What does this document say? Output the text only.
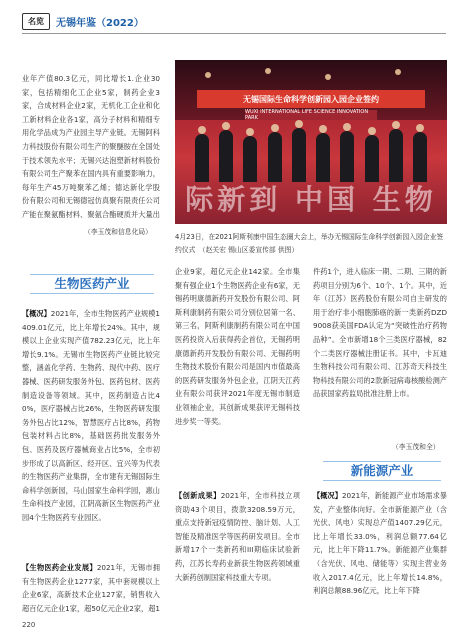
名览	无锡年鉴（2022）
业年产值80.3亿元，同比增长1.企业30家，包括精细化工企业5家，制药企业3家，合成材料企业2家，无机化工企业和化工新材料企业各1家，高分子材料和精细专用化学品成为产业园主导产业链。无锡阿科力科技股份有限公司生产的聚醚胺在全国处于技术领先水平；无锡兴达泡塑新材料股份有限公司生产聚苯在国内具有重要影响力，每年生产45万吨聚苯乙烯；德达新化学股份有限公司和无锡德冠仿真聚有限责任公司产能在聚氨酯材料、聚氨合酯硬质并大量出
（李玉茂和信息化局）
无锡国际生命科学创新园入园企业签约
WUXI INTERNATIONAL LIFE SCIENCE INNOVATION PARK
际新到 中国 生物
4月23日，在2021阿斯利康中国生态圈大会上，举办无锡国际生命科学创新园入园企业签约仪式　（赵关宏 锡山区委宣传部 供图）
生物医药产业
【概况】2021年，全市生物医药产业规模1409.01亿元，比上年增长24%。其中，规模以上企业实现产值782.23亿元，比上年增长9.1%。无锡市生物医药产业链比较完整，涵盖化学药、生物药、现代中药、医疗器械、医药研发服务外包、医药包材、医药制造设备等领域。其中，医药制造占比40%，医疗器械占比26%，生物医药研发服务外包占比12%，智慧医疗占比8%，药物包装材料占比8%，基础医药批发服务外包、医药及医疗器械商业占比5%，全市初步形成了以高新区、经开区、宜兴等为代表的生物医药产业集群，全市建有无锡国际生命科学创新园，马山国家生命科学园，惠山生命科技产业园，江阴高新区生物医药产业园4个生物医药专业园区。
【生物医药企业发展】2021年，无锡市拥有生物医药企业1277家，其中套规模以上企业6家，高新技术企业127家，销售收入超百亿元企业1家，超50亿元企业2家，超1
企业9家，超亿元企业142家。全市集聚有强企业1个生物医药企业有6家，无锡药明康德新药开发股份有限公司、阿斯利康制药有限公司分别位居第一名、第三名，阿斯利康制药有限公司在中国医药投资入后获得药企首位，无锡药明康德新药开发股份有限公司、无锡药明生物技术股份有限公司是国内市值最高的医药研发服务外包企业，江阴天江药业有限公司获评2021年度无锡市制造业领袖企业，其创新成果获评无锡科技进步奖一等奖。
【创新成果】2021年，全市科技立项资助43个项目，拨款3208.59万元，重点支持新冠疫情防控、脑计划、人工智能及精准医学等医药研发项目。全市新增17个一类新药和III期临床试验新药，江苏长寿药业新获生物医药领域重大新药创制国家科技重大专项。
件药1个，进入临床一期、二期、三期的新药项目分别为6个、10个、1个。其中，近年（江苏）医药股份有限公司自主研发的用于治疗非小细胞肺癌的新一类新药DZD9008获美国FDA认定为“突破性治疗药物品种”。全市新增18个三类医疗器械，82个二类医疗器械注册证书。其中，卡瓦迪生物科技公司有限公司、江苏奇天科技生物科技有限公司的2款新冠病毒核酸检测产品获国家药监局批准注册上市。
（李玉茂和全）
新能源产业
【概况】2021年，新能源产业市场需求暴发，产业整体向好。全市新能源产业（含光伏、风电）实现总产值1407.29亿元，比上年增长33.0%，利润总额77.64亿元，比上年下降11.7%。新能源产业集群（含光伏、风电、储能等）实现主营业务收入2017.4亿元，比上年增长14.8%，利润总额88.96亿元，比上年下降
220
